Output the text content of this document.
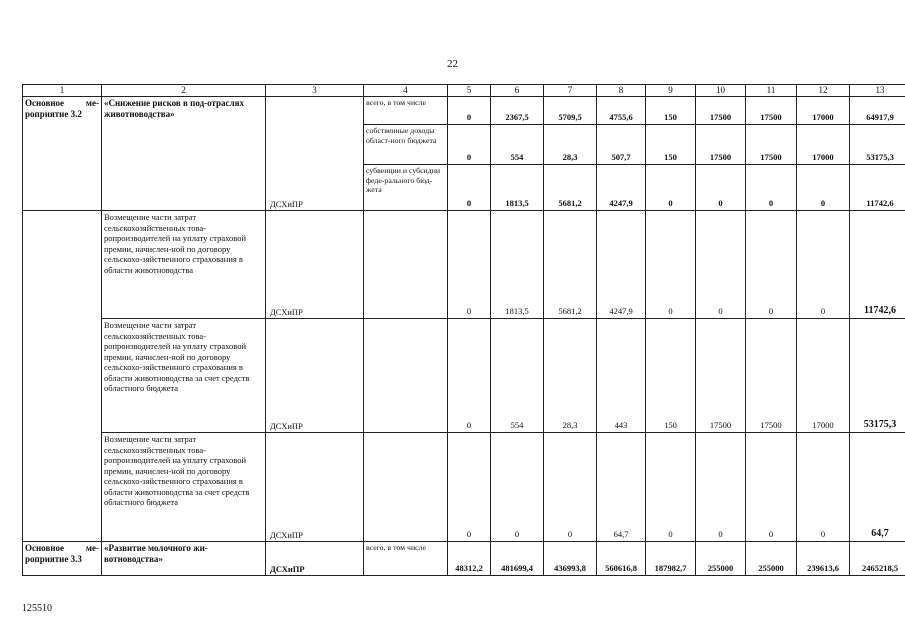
22
1	2	3	4	5	6	7	8	9	10	11	12	13
Основное ме-роприятие 3.2	«Снижение рисков в под-отраслях животноводства»	ДСХиПР	всего, в том числе	0	2367,5	5709,5	4755,6	150	17500	17500	17000	64917,9
			собственные доходы област-ного бюджета	0	554	28,3	507,7	150	17500	17500	17000	53175,3
			субвенции и субсидии феде-рального бюд-жета	0	1813,5	5681,2	4247,9	0	0	0	0	11742,6
	Возмещение части затрат сельскохозяйственных това-ропроизводителей на уплату страховой премии, начислен-ной по договору сельскохо-зяйственного страхования в области животноводства	ДСХиПР		0	1813,5	5681,2	4247,9	0	0	0	0	11742,6
	Возмещение части затрат сельскохозяйственных това-ропроизводителей на уплату страховой премии, начислен-ной по договору сельскохо-зяйственного страхования в области животноводства за счет средств областного бюджета	ДСХиПР		0	554	28,3	443	150	17500	17500	17000	53175,3
	Возмещение части затрат сельскохозяйственных това-ропроизводителей на уплату страховой премии, начислен-ной по договору сельскохо-зяйственного страхования в области животноводства за счет средств областного бюджета	ДСХиПР		0	0	0	64,7	0	0	0	0	64,7
Основное ме-роприятие 3.3	«Развитие молочного жи-вотноводства»	ДСХиПР	всего, в том числе	48312,2	481699,4	436993,8	560616,8	187982,7	255000	255000	239613,6	2465218,5
125510
